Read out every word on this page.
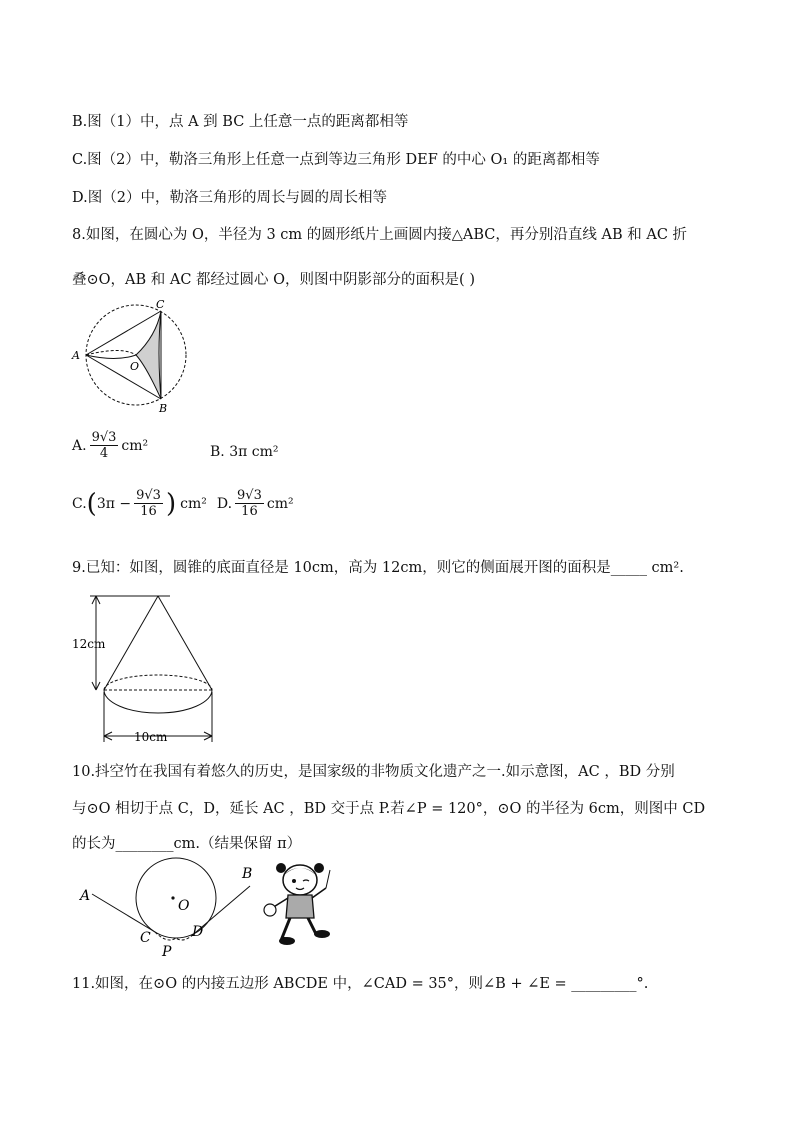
B.图（1）中，点 A 到 BC 上任意一点的距离都相等
C.图（2）中，勒洛三角形上任意一点到等边三角形 DEF 的中心 O₁ 的距离都相等
D.图（2）中，勒洛三角形的周长与圆的周长相等
8.如图，在圆心为 O，半径为 3 cm 的圆形纸片上画圆内接△ABC，再分别沿直线 AB 和 AC 折
叠⊙O，AB 和 AC 都经过圆心 O，则图中阴影部分的面积是( )
A
B
C
O
A. $\frac{9√3}{4} cm^2$	B. 3π cm²
C. ( $3\pi - \frac{9√3}{16}$ ) cm² D. $\frac{9√3}{16} cm^2$
9.已知：如图，圆锥的底面直径是 10cm，高为 12cm，则它的侧面展开图的面积是_____ cm².
12cm
10cm
10.抖空竹在我国有着悠久的历史，是国家级的非物质文化遗产之一.如示意图，AC ，BD 分别
与⊙O 相切于点 C，D，延长 AC ，BD 交于点 P.若∠P = 120°，⊙O 的半径为 6cm，则图中 CD
的长为________cm.（结果保留 π）
A
B
C	D
O
P
11.如图，在⊙O 的内接五边形 ABCDE 中，∠CAD = 35°，则∠B + ∠E = _________°.
